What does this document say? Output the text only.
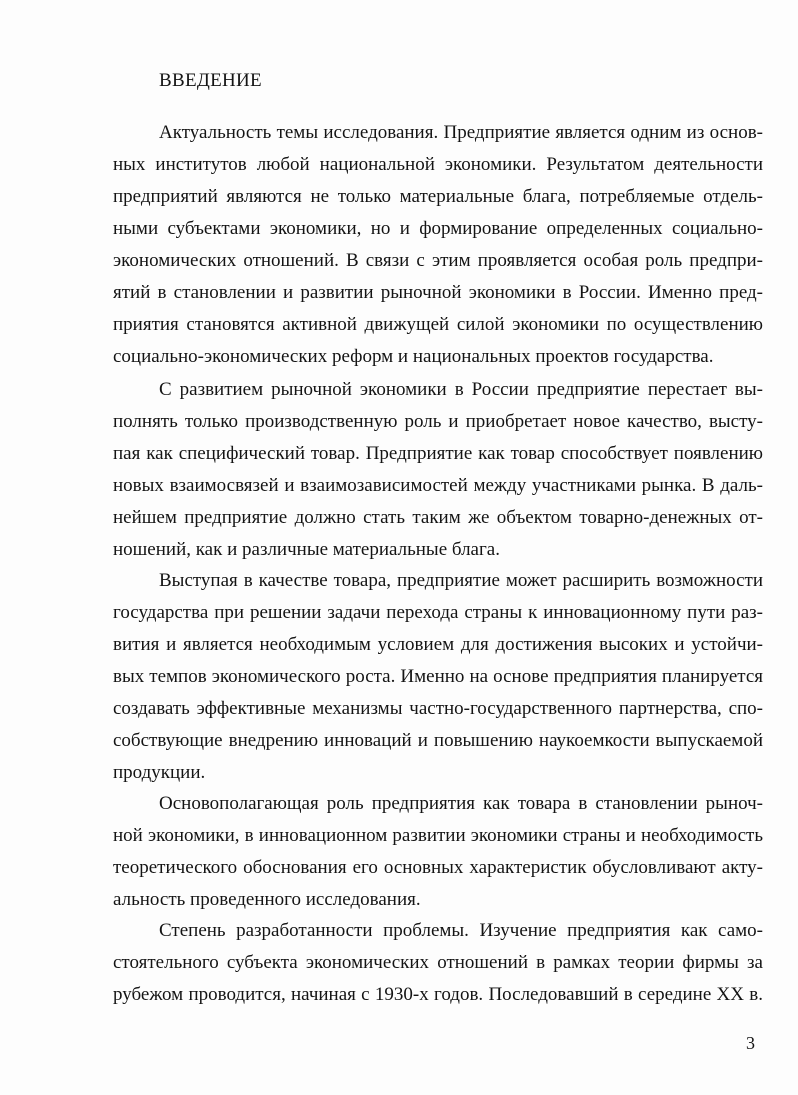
ВВЕДЕНИЕ
Актуальность темы исследования. Предприятие является одним из основ-
ных институтов любой национальной экономики. Результатом деятельности
предприятий являются не только материальные блага, потребляемые отдель-
ными субъектами экономики, но и формирование определенных социально-
экономических отношений. В связи с этим проявляется особая роль предпри-
ятий в становлении и развитии рыночной экономики в России. Именно пред-
приятия становятся активной движущей силой экономики по осуществлению
социально-экономических реформ и национальных проектов государства.
С развитием рыночной экономики в России предприятие перестает вы-
полнять только производственную роль и приобретает новое качество, высту-
пая как специфический товар. Предприятие как товар способствует появлению
новых взаимосвязей и взаимозависимостей между участниками рынка. В даль-
нейшем предприятие должно стать таким же объектом товарно-денежных от-
ношений, как и различные материальные блага.
Выступая в качестве товара, предприятие может расширить возможности
государства при решении задачи перехода страны к инновационному пути раз-
вития и является необходимым условием для достижения высоких и устойчи-
вых темпов экономического роста. Именно на основе предприятия планируется
создавать эффективные механизмы частно-государственного партнерства, спо-
собствующие внедрению инноваций и повышению наукоемкости выпускаемой
продукции.
Основополагающая роль предприятия как товара в становлении рыноч-
ной экономики, в инновационном развитии экономики страны и необходимость
теоретического обоснования его основных характеристик обусловливают акту-
альность проведенного исследования.
Степень разработанности проблемы. Изучение предприятия как само-
стоятельного субъекта экономических отношений в рамках теории фирмы за
рубежом проводится, начиная с 1930-х годов. Последовавший в середине XX в.
3
